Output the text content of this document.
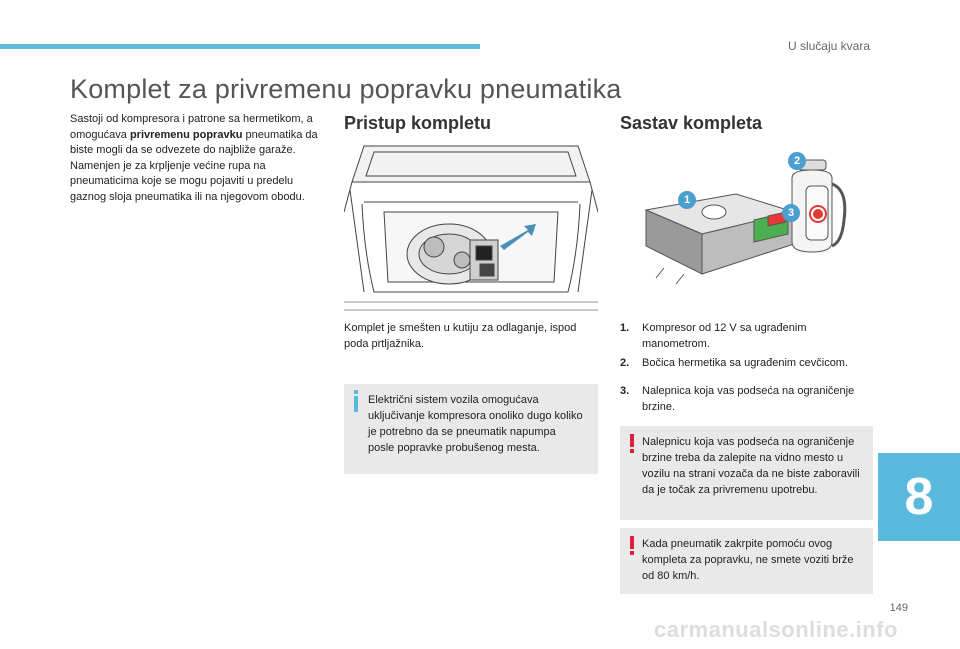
U slučaju kvara
Komplet za privremenu popravku pneumatika

Sastoji od kompresora i patrone sa hermetikom, a omogućava privremenu popravku pneumatika da biste mogli da se odvezete do najbliže garaže.

Namenjen je za krpljenje većine rupa na pneumaticima koje se mogu pojaviti u predelu gaznog sloja pneumatika ili na njegovom obodu.

Pristup kompletu
Komplet je smešten u kutiju za odlaganje, ispod poda prtljažnika.
Električni sistem vozila omogućava uključivanje kompresora onoliko dugo koliko je potrebno da se pneumatik napumpa posle popravke probušenog mesta.
Sastav kompleta
1
2
3
1. Kompresor od 12 V sa ugrađenim manometrom.
2. Bočica hermetika sa ugrađenim cevčicom.
3. Nalepnica koja vas podseća na ograničenje brzine.
Nalepnicu koja vas podseća na ograničenje brzine treba da zalepite na vidno mesto u vozilu na strani vozača da ne biste zaboravili da je točak za privremenu upotrebu.
Kada pneumatik zakrpite pomoću ovog kompleta za popravku, ne smete voziti brže od 80 km/h.
8
149
carmanualsonline.info
